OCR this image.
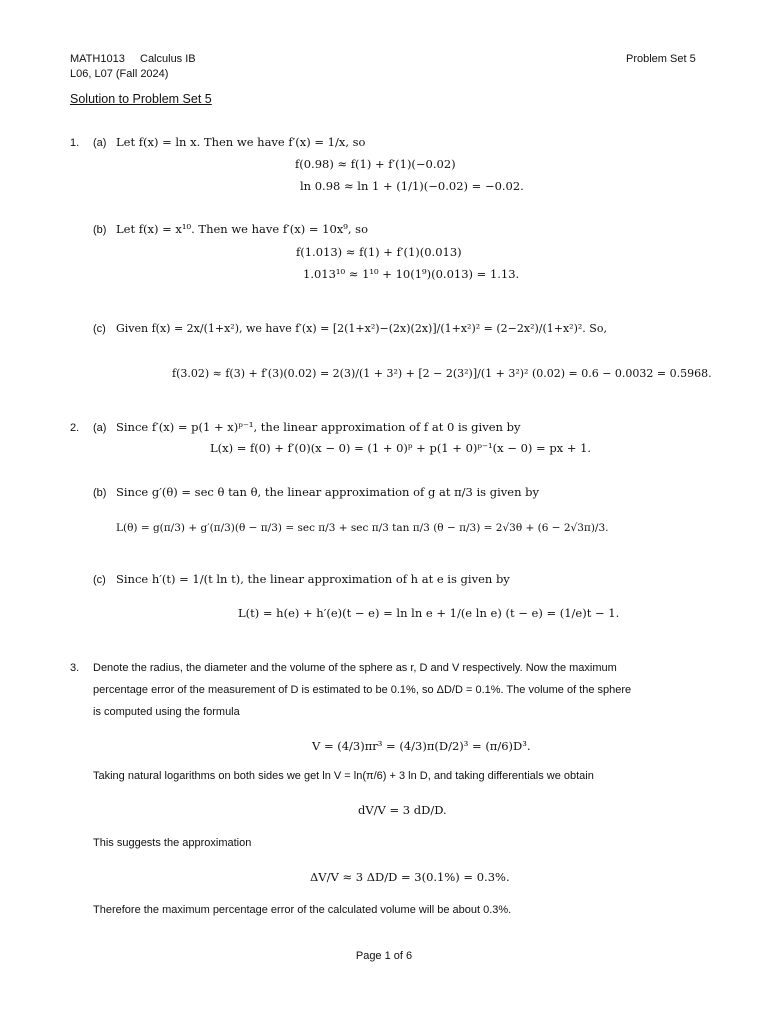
MATH1013 Calculus IB
L06, L07 (Fall 2024)
Problem Set 5
Solution to Problem Set 5
1. (a) Let f(x) = ln x. Then we have f′(x) = 1/x, so
f(0.98) ≈ f(1) + f′(1)(−0.02)
ln 0.98 ≈ ln 1 + (1/1)(−0.02) = −0.02.
(b) Let f(x) = x¹⁰. Then we have f′(x) = 10x⁹, so
f(1.013) ≈ f(1) + f′(1)(0.013)
1.013¹⁰ ≈ 1¹⁰ + 10(1⁹)(0.013) = 1.13.
(c) Given f(x) = 2x/(1+x²), we have f′(x) = [2(1+x²)−(2x)(2x)]/(1+x²)² = (2−2x²)/(1+x²)². So,
f(3.02) ≈ f(3) + f′(3)(0.02) = 2(3)/(1 + 3²) + [2 − 2(3²)]/(1 + 3²)² (0.02) = 0.6 − 0.0032 = 0.5968.
2. (a) Since f′(x) = p(1 + x)ᵖ⁻¹, the linear approximation of f at 0 is given by
L(x) = f(0) + f′(0)(x − 0) = (1 + 0)ᵖ + p(1 + 0)ᵖ⁻¹(x − 0) = px + 1.
(b) Since g′(θ) = sec θ tan θ, the linear approximation of g at π/3 is given by
L(θ) = g(π/3) + g′(π/3)(θ − π/3) = sec π/3 + sec π/3 tan π/3 (θ − π/3) = 2√3θ + (6 − 2√3π)/3.
(c) Since h′(t) = 1/(t ln t), the linear approximation of h at e is given by
L(t) = h(e) + h′(e)(t − e) = ln ln e + 1/(e ln e) (t − e) = (1/e)t − 1.
3. Denote the radius, the diameter and the volume of the sphere as r, D and V respectively. Now the maximum
percentage error of the measurement of D is estimated to be 0.1%, so ΔD/D = 0.1%. The volume of the sphere
is computed using the formula
V = (4/3)πr³ = (4/3)π(D/2)³ = (π/6)D³.
Taking natural logarithms on both sides we get ln V = ln(π/6) + 3 ln D, and taking differentials we obtain
dV/V = 3 dD/D.
This suggests the approximation
ΔV/V ≈ 3 ΔD/D = 3(0.1%) = 0.3%.
Therefore the maximum percentage error of the calculated volume will be about 0.3%.
Page 1 of 6
